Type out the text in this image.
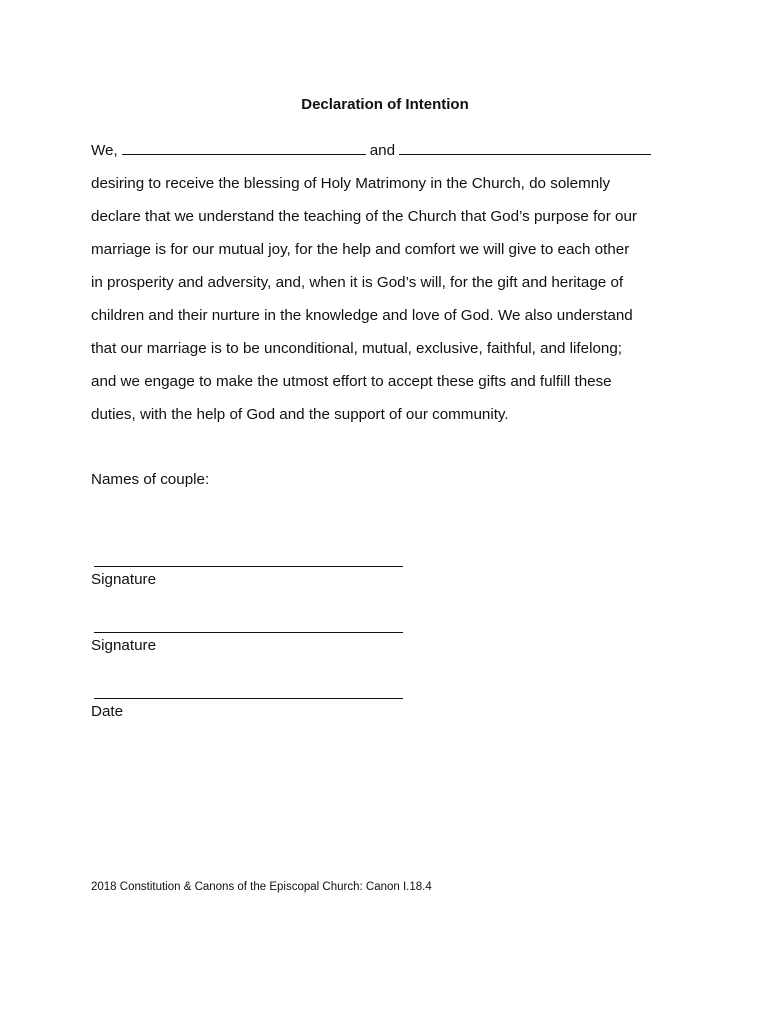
Declaration of Intention
We,	and
desiring to receive the blessing of Holy Matrimony in the Church, do solemnly
declare that we understand the teaching of the Church that God’s purpose for our
marriage is for our mutual joy, for the help and comfort we will give to each other
in prosperity and adversity, and, when it is God’s will, for the gift and heritage of
children and their nurture in the knowledge and love of God. We also understand
that our marriage is to be unconditional, mutual, exclusive, faithful, and lifelong;
and we engage to make the utmost effort to accept these gifts and fulfill these
duties, with the help of God and the support of our community.
Names of couple:
Signature
Signature
Date
2018 Constitution & Canons of the Episcopal Church: Canon I.18.4
